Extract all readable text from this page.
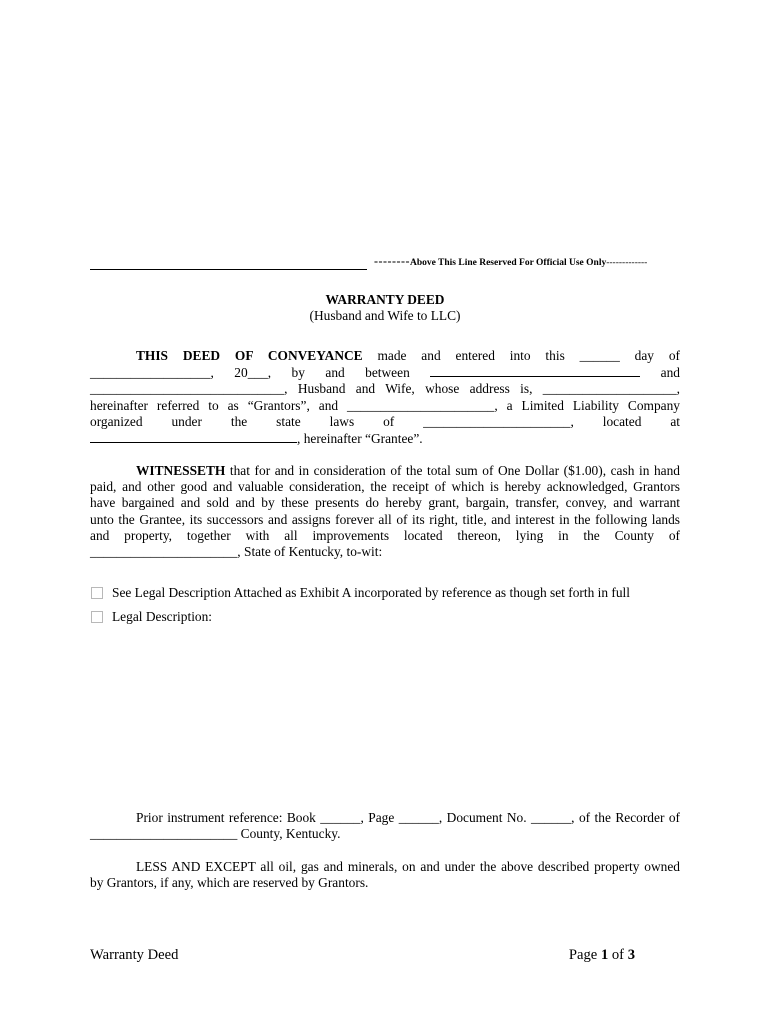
--------Above This Line Reserved For Official Use Only-------------
WARRANTY DEED
(Husband and Wife to LLC)
THIS DEED OF CONVEYANCE made and entered into this ______ day of
__________________, 20___, by and between	and
_____________________________, Husband and Wife, whose address is, ____________________,
hereinafter referred to as “Grantors”, and ______________________, a Limited Liability Company
organized under the state laws of ______________________, located at
, hereinafter “Grantee”.
WITNESSETH that for and in consideration of the total sum of One Dollar ($1.00), cash in hand
paid, and other good and valuable consideration, the receipt of which is hereby acknowledged, Grantors
have bargained and sold and by these presents do hereby grant, bargain, transfer, convey, and warrant
unto the Grantee, its successors and assigns forever all of its right, title, and interest in the following lands
and property, together with all improvements located thereon, lying in the County of
______________________, State of Kentucky, to-wit:
See Legal Description Attached as Exhibit A incorporated by reference as though set forth in full
Legal Description:
Prior instrument reference: Book ______, Page ______, Document No. ______, of the Recorder of
______________________ County, Kentucky.
LESS AND EXCEPT all oil, gas and minerals, on and under the above described property owned
by Grantors, if any, which are reserved by Grantors.
Warranty Deed	Page 1 of 3
